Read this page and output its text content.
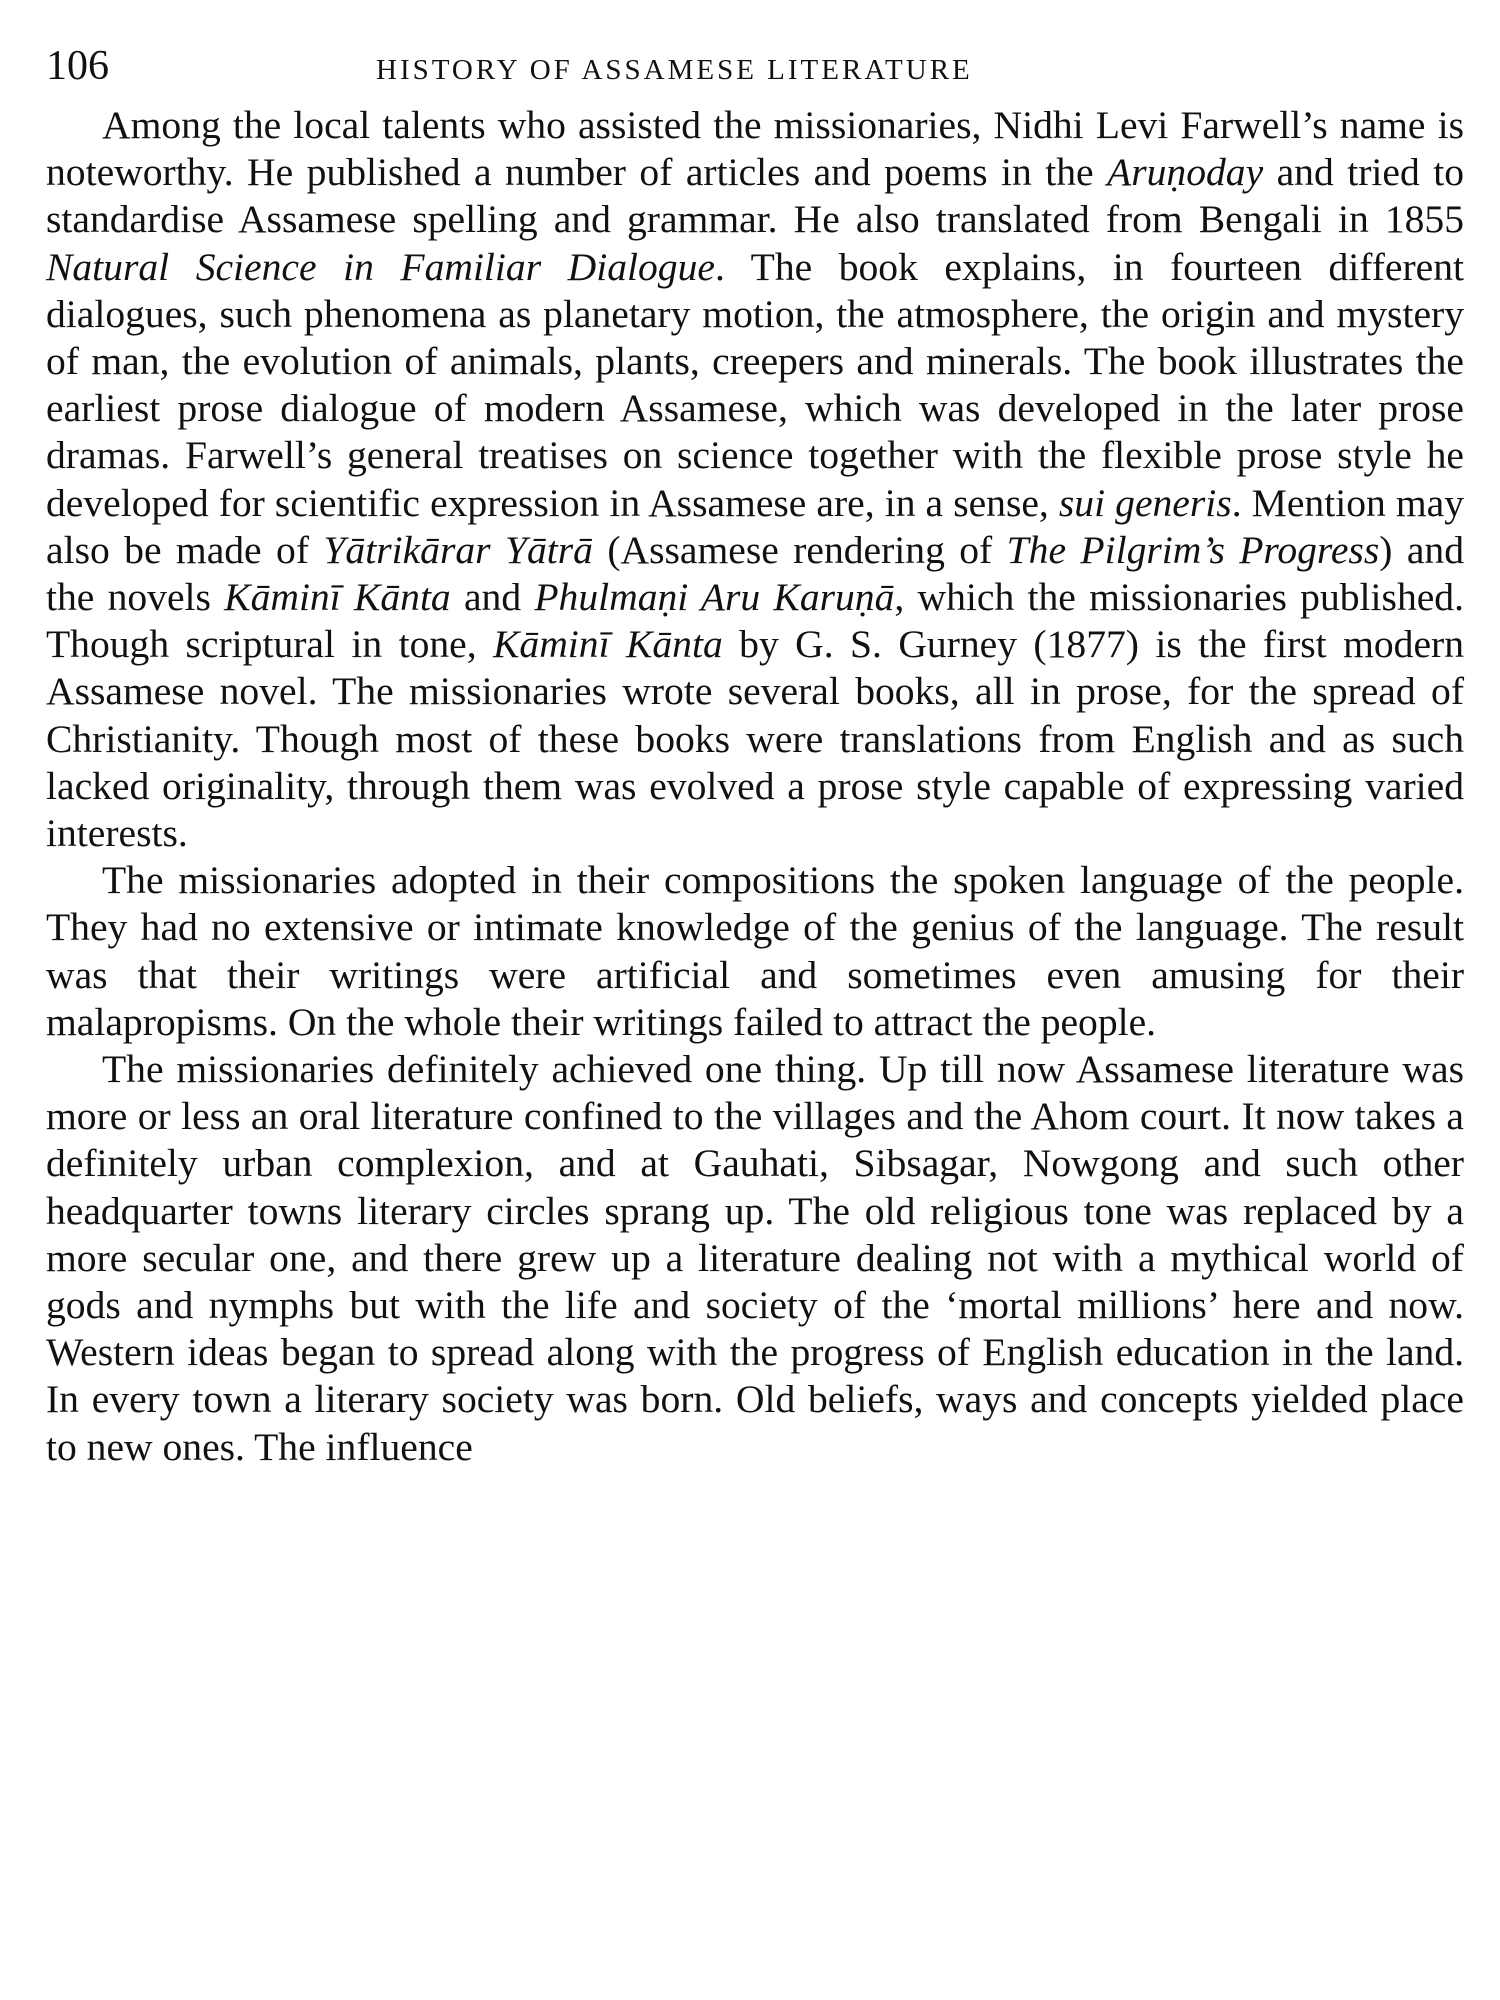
106	HISTORY OF ASSAMESE LITERATURE

Among the local talents who assisted the missionaries, Nidhi Levi Farwell’s name is noteworthy. He published a number of articles and poems in the Aruṇoday and tried to standardise Assamese spelling and grammar. He also translated from Bengali in 1855 Natural Science in Familiar Dialogue. The book explains, in fourteen different dialogues, such phenomena as planetary motion, the atmosphere, the origin and mystery of man, the evolution of animals, plants, creepers and minerals. The book illustrates the earliest prose dialogue of modern Assamese, which was developed in the later prose dramas. Farwell’s general treatises on science together with the flexible prose style he developed for scientific expression in Assamese are, in a sense, sui generis. Mention may also be made of Yātrikārar Yātrā (Assamese rendering of The Pilgrim’s Progress) and the novels Kāminī Kānta and Phulmaṇi Aru Karuṇā, which the missionaries published. Though scriptural in tone, Kāminī Kānta by G. S. Gurney (1877) is the first modern Assamese novel. The missionaries wrote several books, all in prose, for the spread of Christianity. Though most of these books were translations from English and as such lacked originality, through them was evolved a prose style capable of expressing varied interests.

The missionaries adopted in their compositions the spoken language of the people. They had no extensive or intimate knowledge of the genius of the language. The result was that their writings were artificial and sometimes even amusing for their malapropisms. On the whole their writings failed to attract the people.

The missionaries definitely achieved one thing. Up till now Assamese literature was more or less an oral literature confined to the villages and the Ahom court. It now takes a definitely urban complexion, and at Gauhati, Sibsagar, Nowgong and such other headquarter towns literary circles sprang up. The old religious tone was replaced by a more secular one, and there grew up a literature dealing not with a mythical world of gods and nymphs but with the life and society of the ‘mortal millions’ here and now. Western ideas began to spread along with the progress of English education in the land. In every town a literary society was born. Old beliefs, ways and concepts yielded place to new ones. The influence
